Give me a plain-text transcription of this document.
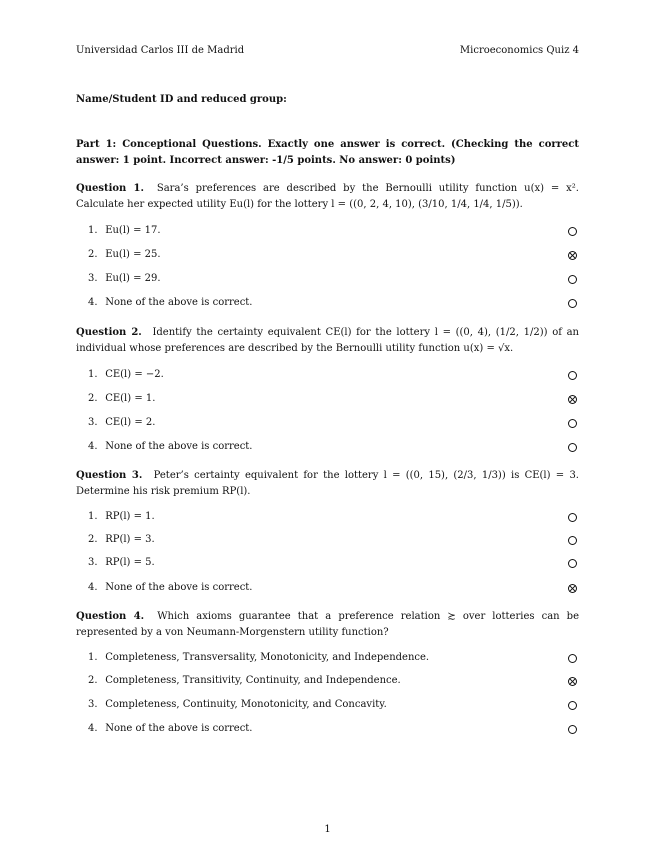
Universidad Carlos III de Madrid	Microeconomics Quiz 4
Name/Student ID and reduced group:
Part 1: Conceptional Questions. Exactly one answer is correct. (Checking the correct answer: 1 point. Incorrect answer: -1/5 points. No answer: 0 points)
Question 1. Sara’s preferences are described by the Bernoulli utility function u(x) = x². Calculate her expected utility Eu(l) for the lottery l = ((0, 2, 4, 10), (3/10, 1/4, 1/4, 1/5)).
1. Eu(l) = 17.
2. Eu(l) = 25.
3. Eu(l) = 29.
4. None of the above is correct.
Question 2. Identify the certainty equivalent CE(l) for the lottery l = ((0, 4), (1/2, 1/2)) of an individual whose preferences are described by the Bernoulli utility function u(x) = √x.
1. CE(l) = −2.
2. CE(l) = 1.
3. CE(l) = 2.
4. None of the above is correct.
Question 3. Peter’s certainty equivalent for the lottery l = ((0, 15), (2/3, 1/3)) is CE(l) = 3. Determine his risk premium RP(l).
1. RP(l) = 1.
2. RP(l) = 3.
3. RP(l) = 5.
4. None of the above is correct.
Question 4. Which axioms guarantee that a preference relation ≿ over lotteries can be represented by a von Neumann-Morgenstern utility function?
1. Completeness, Transversality, Monotonicity, and Independence.
2. Completeness, Transitivity, Continuity, and Independence.
3. Completeness, Continuity, Monotonicity, and Concavity.
4. None of the above is correct.
1
